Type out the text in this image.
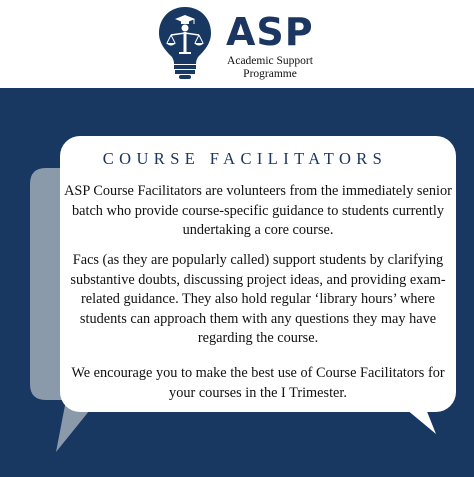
ASP
Academic Support
Programme
COURSE FACILITATORS

ASP Course Facilitators are volunteers from the immediately senior batch who provide course-specific guidance to students currently undertaking a core course.

Facs (as they are popularly called) support students by clarifying substantive doubts, discussing project ideas, and providing exam-related guidance. They also hold regular ‘library hours’ where students can approach them with any questions they may have regarding the course.

We encourage you to make the best use of Course Facilitators for your courses in the I Trimester.
